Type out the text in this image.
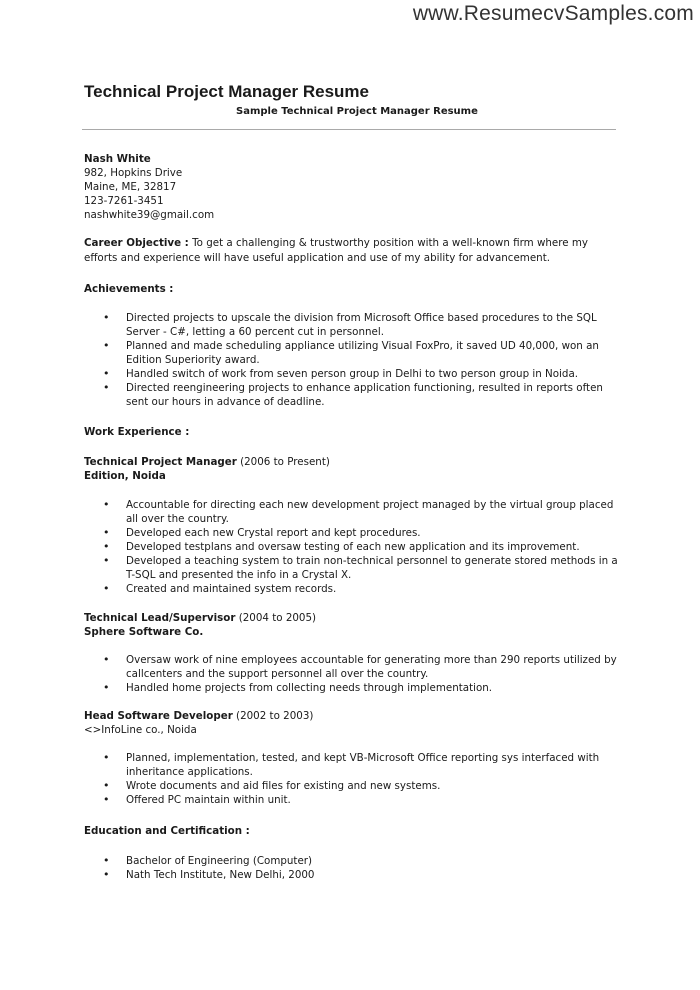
www.ResumecvSamples.com
Technical Project Manager Resume
Sample Technical Project Manager Resume
Nash White
982, Hopkins Drive
Maine, ME, 32817
123-7261-3451
nashwhite39@gmail.com
Career Objective : To get a challenging & trustworthy position with a well-known firm where my efforts and experience will have useful application and use of my ability for advancement.
Achievements :
• Directed projects to upscale the division from Microsoft Office based procedures to the SQL Server - C#, letting a 60 percent cut in personnel.
• Planned and made scheduling appliance utilizing Visual FoxPro, it saved UD 40,000, won an Edition Superiority award.
• Handled switch of work from seven person group in Delhi to two person group in Noida.
• Directed reengineering projects to enhance application functioning, resulted in reports often sent our hours in advance of deadline.
Work Experience :
Technical Project Manager (2006 to Present)
Edition, Noida
• Accountable for directing each new development project managed by the virtual group placed all over the country.
• Developed each new Crystal report and kept procedures.
• Developed testplans and oversaw testing of each new application and its improvement.
• Developed a teaching system to train non-technical personnel to generate stored methods in a T-SQL and presented the info in a Crystal X.
• Created and maintained system records.
Technical Lead/Supervisor (2004 to 2005)
Sphere Software Co.
• Oversaw work of nine employees accountable for generating more than 290 reports utilized by callcenters and the support personnel all over the country.
• Handled home projects from collecting needs through implementation.
Head Software Developer (2002 to 2003)
<>InfoLine co., Noida
• Planned, implementation, tested, and kept VB-Microsoft Office reporting sys interfaced with inheritance applications.
• Wrote documents and aid files for existing and new systems.
• Offered PC maintain within unit.
Education and Certification :
• Bachelor of Engineering (Computer)
• Nath Tech Institute, New Delhi, 2000
